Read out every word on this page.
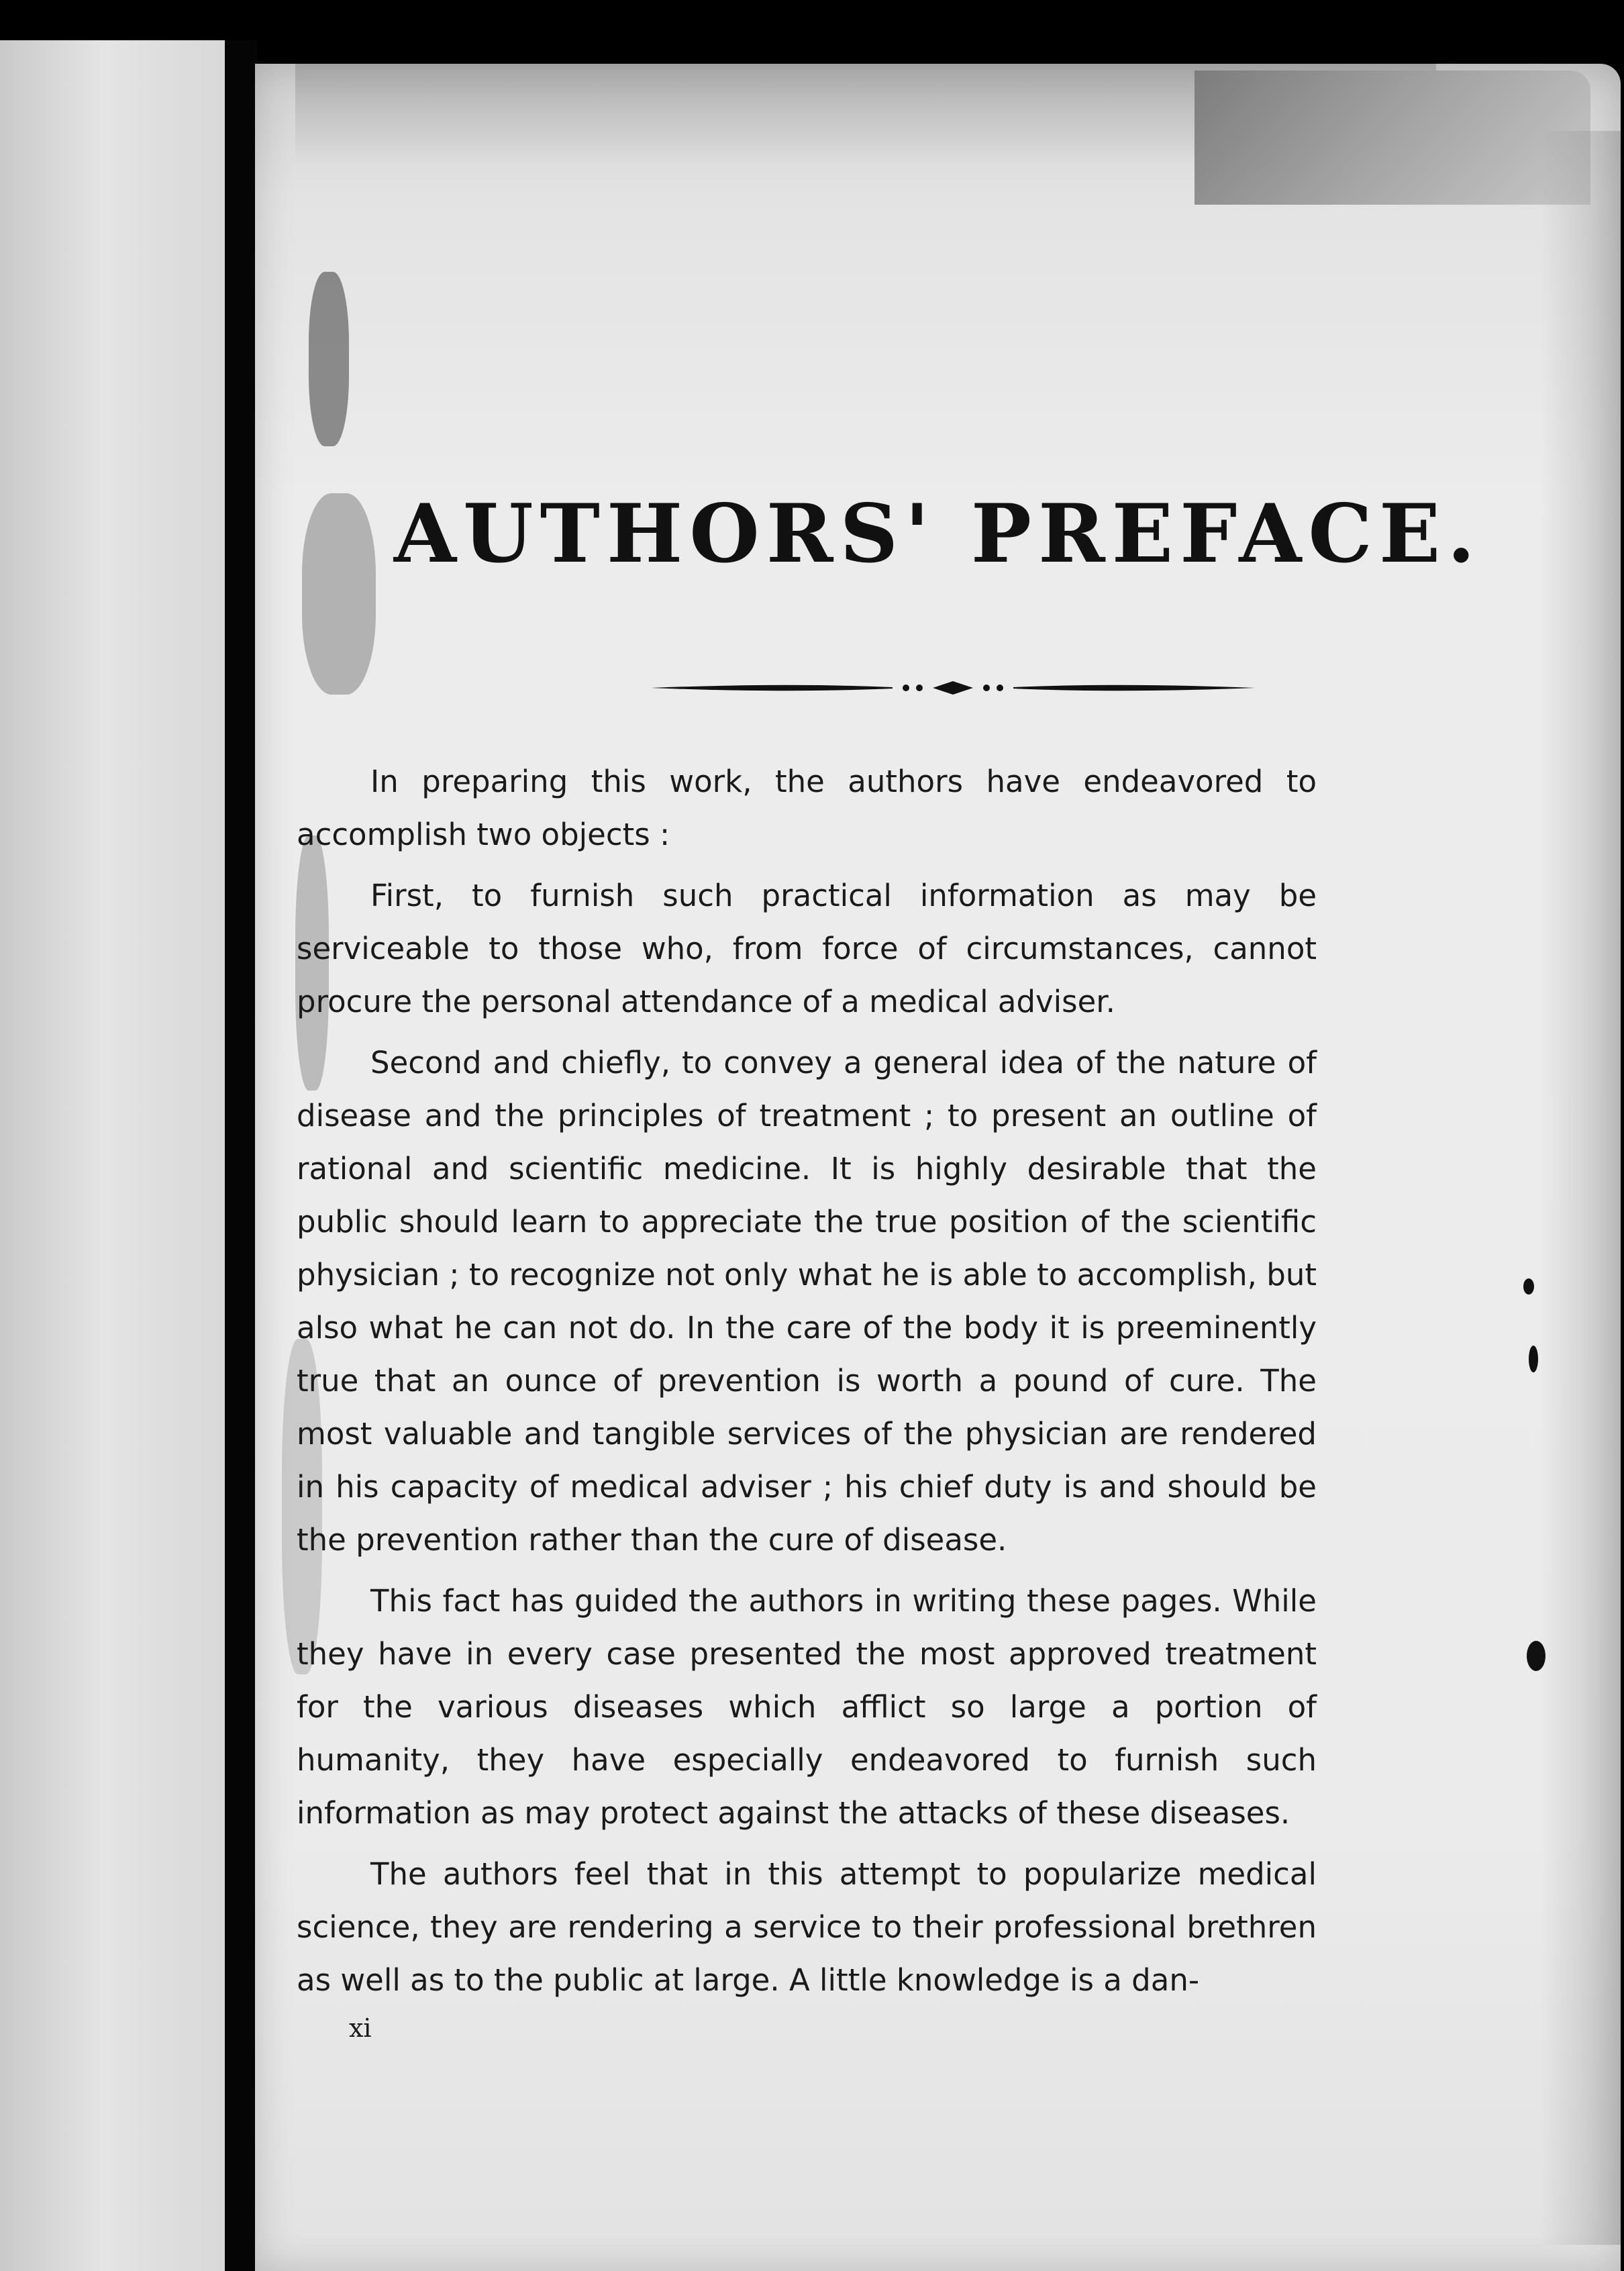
AUTHORS' PREFACE.

In preparing this work, the authors have endeavored to accomplish two objects :

First, to furnish such practical information as may be serviceable to those who, from force of circumstances, cannot procure the personal attendance of a medical adviser.

Second and chiefly, to convey a general idea of the nature of disease and the principles of treatment ; to present an outline of rational and scientific medicine. It is highly desirable that the public should learn to appreciate the true position of the scientific physician ; to recognize not only what he is able to accomplish, but also what he can not do. In the care of the body it is preeminently true that an ounce of prevention is worth a pound of cure. The most valuable and tangible services of the physician are rendered in his capacity of medical adviser ; his chief duty is and should be the prevention rather than the cure of disease.

This fact has guided the authors in writing these pages. While they have in every case presented the most approved treatment for the various diseases which afflict so large a portion of humanity, they have especially endeavored to furnish such information as may protect against the attacks of these diseases.

The authors feel that in this attempt to popularize medical science, they are rendering a service to their professional brethren as well as to the public at large. A little knowledge is a dan-

xi
